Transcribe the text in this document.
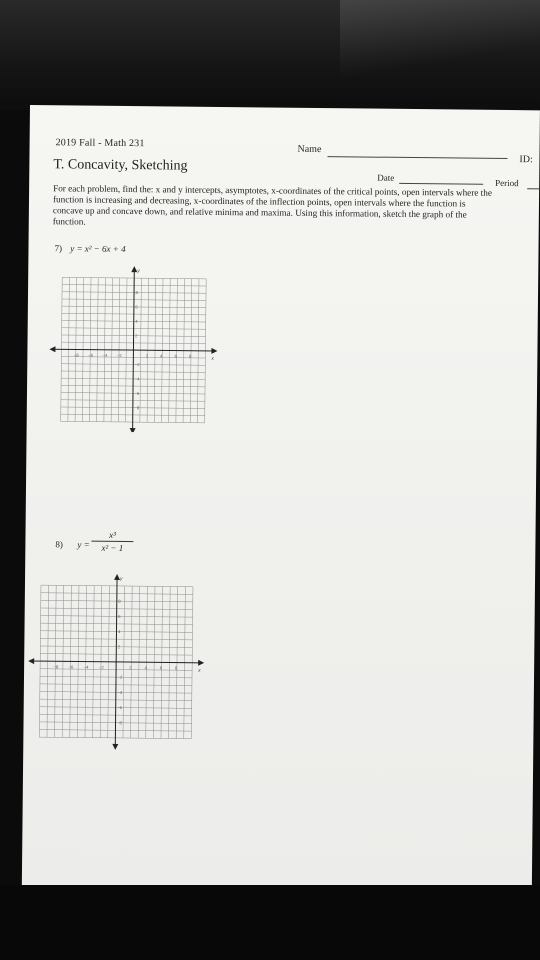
2019 Fall - Math 231
Name
ID:
T. Concavity, Sketching
Date
Period
For each problem, find the: x and y intercepts, asymptotes, x-coordinates of the critical points, open intervals where the function is increasing and decreasing, x-coordinates of the inflection points, open intervals where the function is concave up and concave down, and relative minima and maxima. Using this information, sketch the graph of the function.
7) y = x² − 6x + 4
x
y
−8 −6 −4 −2	2	4	6	8
8
6
4
2
−2
−4
−6
−8
8) y =
x³
x² − 1
x
y
−8 −6 −4 −2	2	4	6	8
8
6
4
2
−2
−4
−6
−8
